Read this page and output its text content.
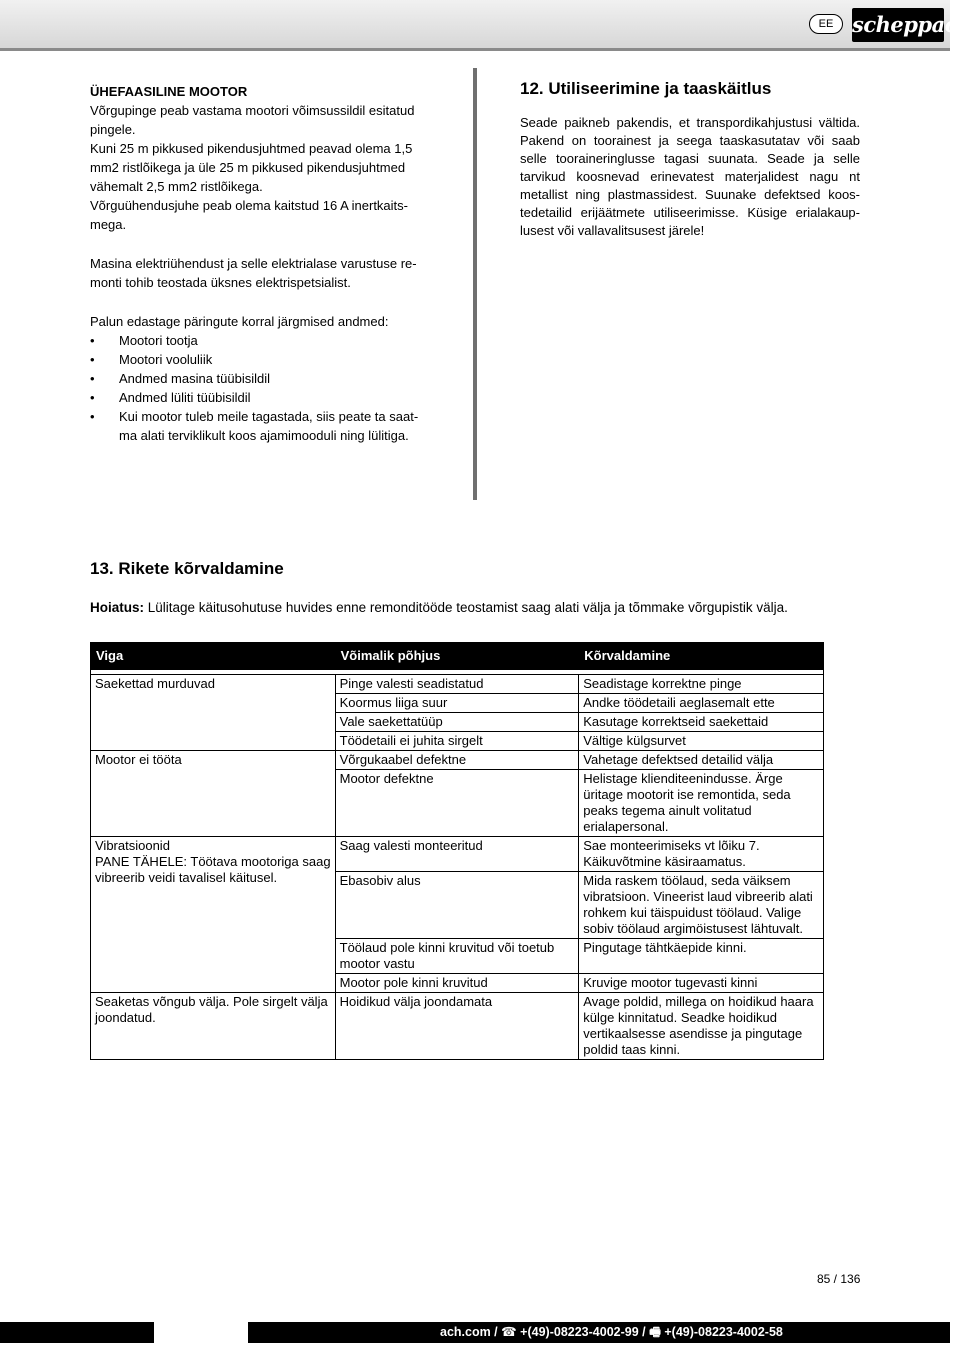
EE scheppach

ÜHEFAASILINE MOOTOR

Võrgupinge peab vastama mootori võimsussildil esitatud pingele.

Kuni 25 m pikkused pikendusjuhtmed peavad olema 1,5 mm2 ristlõikega ja üle 25 m pikkused pikendusjuhtmed vähemalt 2,5 mm2 ristlõikega.

Võrguühendusjuhe peab olema kaitstud 16 A inertkaits-mega.

Masina elektriühendust ja selle elektrialase varustuse re-monti tohib teostada üksnes elektrispetsialist.

Palun edastage päringute korral järgmised andmed:

• Mootori tootja
• Mootori vooluliik
• Andmed masina tüübisildil
• Andmed lüliti tüübisildil
• Kui mootor tuleb meile tagastada, siis peate ta saat-ma alati terviklikult koos ajamimooduli ning lülitiga.
12. Utiliseerimine ja taaskäitlus

Seade paikneb pakendis, et transpordikahjustusi vältida. Pakend on toorainest ja seega taaskasutatav või saab selle tooraineringlusse tagasi suunata. Seade ja selle tarvikud koosnevad erinevatest materjalidest nagu nt metallist ning plastmassidest. Suunake defektsed koos-tedetailid erijäätmete utiliseerimisse. Küsige erialakaup-lusest või vallavalitsusest järele!

13. Rikete kõrvaldamine
Hoiatus: Lülitage käitusohutuse huvides enne remonditööde teostamist saag alati välja ja tõmmake võrgupistik välja.
Viga	Võimalik põhjus	Kõrvaldamine

Saekettad murduvad	Pinge valesti seadistatud	Seadistage korrektne pinge
	Koormus liiga suur	Andke töödetaili aeglasemalt ette
	Vale saekettatüüp	Kasutage korrektseid saekettaid
	Töödetaili ei juhita sirgelt	Vältige külgsurvet
Mootor ei tööta	Võrgukaabel defektne	Vahetage defektsed detailid välja
	Mootor defektne	Helistage klienditeenindusse. Ärge üritage mootorit ise remontida, seda peaks tegema ainult volitatud erialapersonal.
Vibratsioonid
PANE TÄHELE: Töötava mootoriga saag vibreerib veidi tavalisel käitusel.	Saag valesti monteeritud	Sae monteerimiseks vt lõiku 7. Käikuvõtmine käsiraamatus.
	Ebasobiv alus	Mida raskem töölaud, seda väiksem vibratsioon. Vineerist laud vibreerib alati rohkem kui täispuidust töölaud. Valige sobiv töölaud argimöistusest lähtuvalt.
	Töölaud pole kinni kruvitud või toetub mootor vastu	Pingutage tähtkäepide kinni.
	Mootor pole kinni kruvitud	Kruvige mootor tugevasti kinni
Seaketas võngub välja. Pole sirgelt välja joondatud.	Hoidikud välja joondamata	Avage poldid, millega on hoidikud haara külge kinnitatud. Seadke hoidikud vertikaalsesse asendisse ja pingutage poldid taas kinni.
85 / 136
ach.com / ☎ +(49)-08223-4002-99 / 🖷 +(49)-08223-4002-58
